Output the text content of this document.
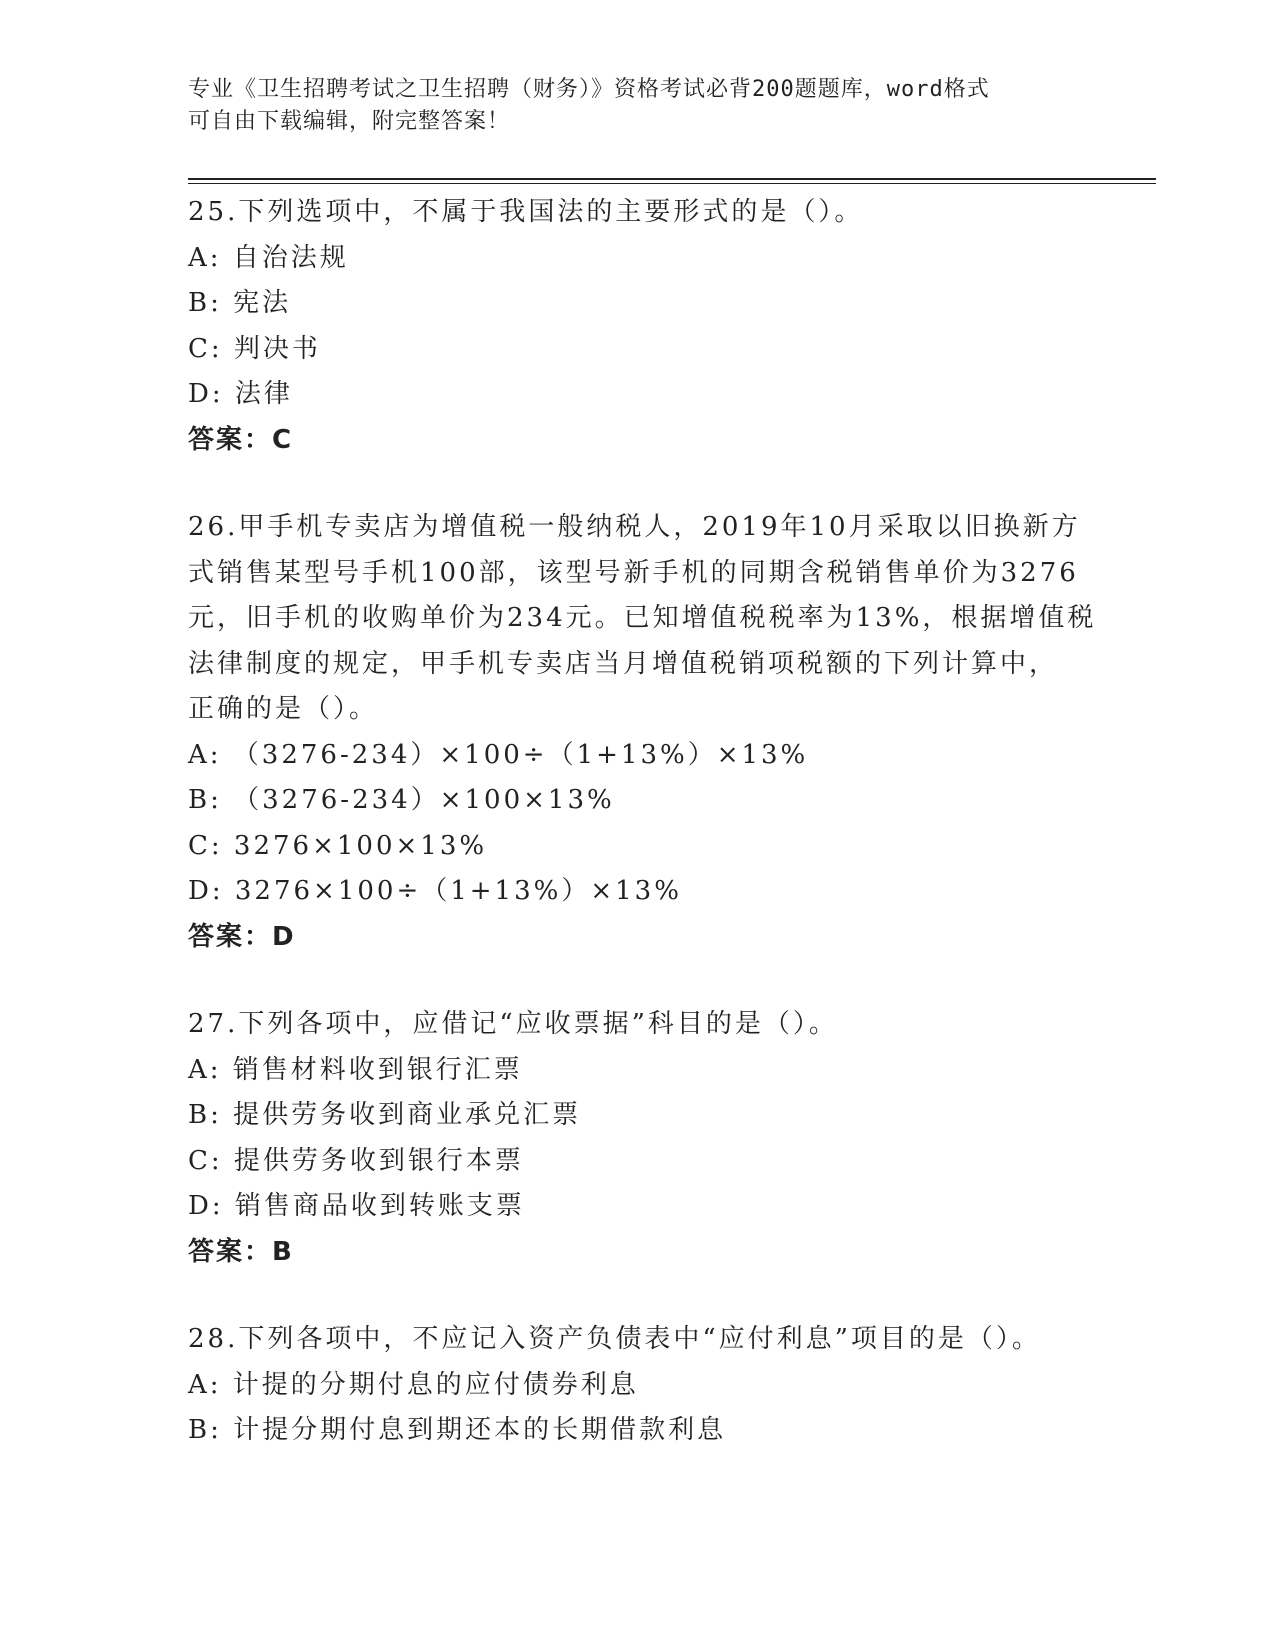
专业《卫生招聘考试之卫生招聘（财务）》资格考试必背200题题库，word格式
可自由下载编辑，附完整答案！
25.下列选项中，不属于我国法的主要形式的是（）。
A: 自治法规
B: 宪法
C: 判决书
D: 法律
答案：C
26.甲手机专卖店为增值税一般纳税人，2019年10月采取以旧换新方
式销售某型号手机100部，该型号新手机的同期含税销售单价为3276
元，旧手机的收购单价为234元。已知增值税税率为13%，根据增值税
法律制度的规定，甲手机专卖店当月增值税销项税额的下列计算中，
正确的是（）。
A: （3276-234）×100÷（1+13%）×13%
B: （3276-234）×100×13%
C: 3276×100×13%
D: 3276×100÷（1+13%）×13%
答案：D
27.下列各项中，应借记“应收票据”科目的是（）。
A: 销售材料收到银行汇票
B: 提供劳务收到商业承兑汇票
C: 提供劳务收到银行本票
D: 销售商品收到转账支票
答案：B
28.下列各项中，不应记入资产负债表中“应付利息”项目的是（）。
A: 计提的分期付息的应付债券利息
B: 计提分期付息到期还本的长期借款利息
